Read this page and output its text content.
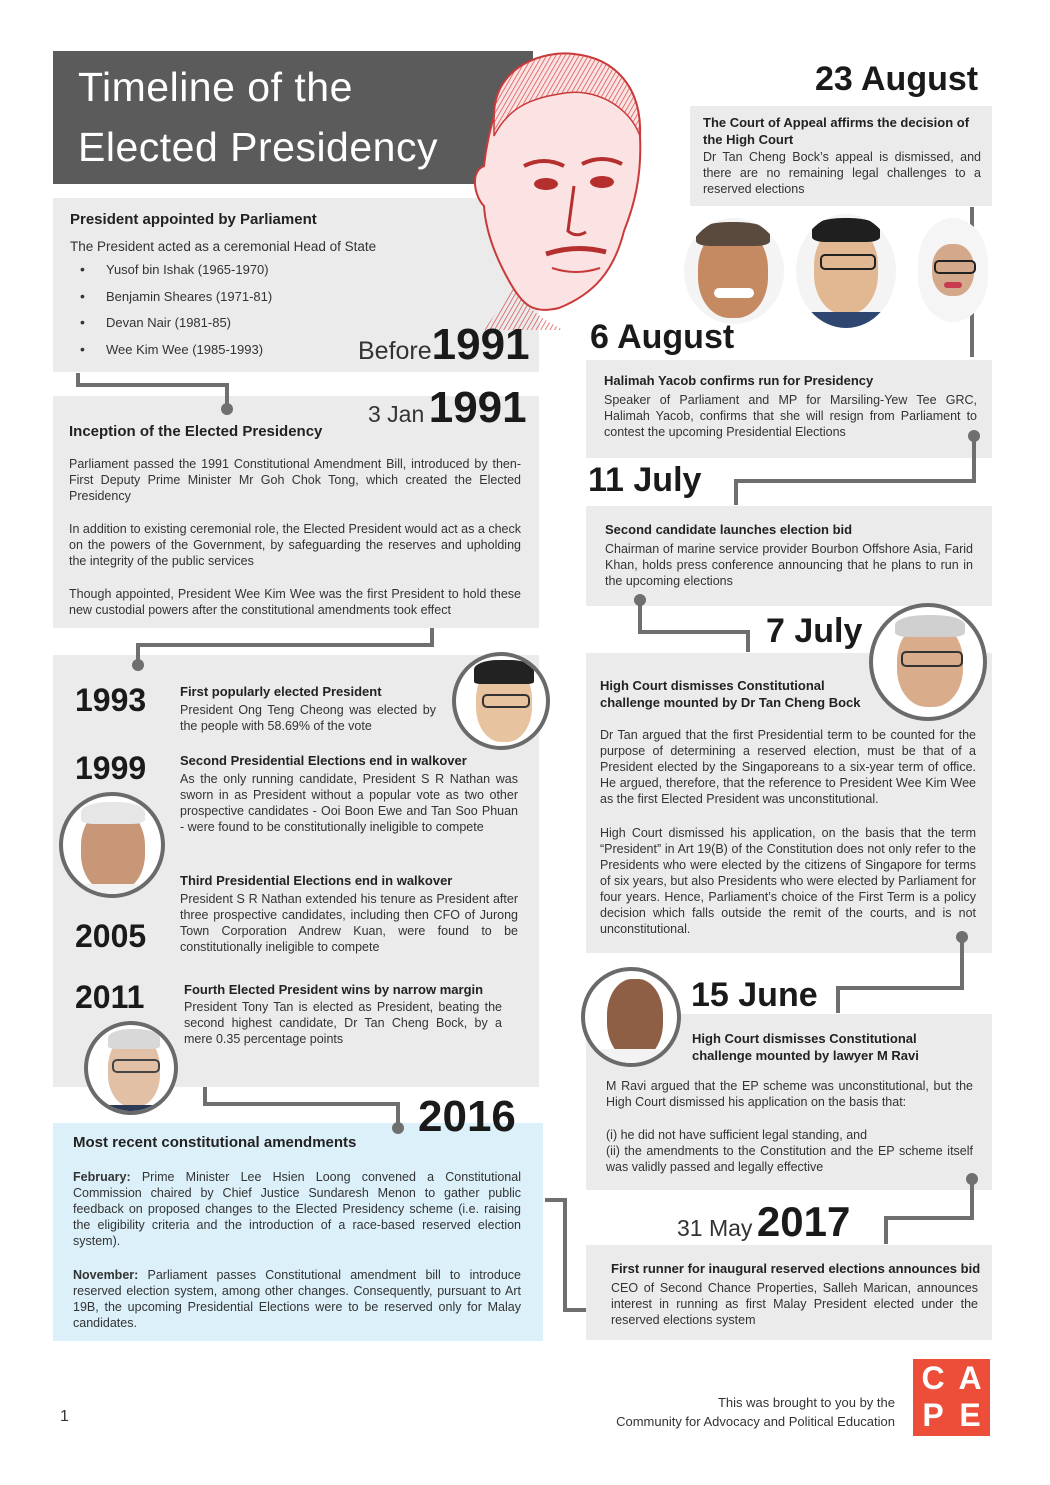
Timeline of the
Elected Presidency
President appointed by Parliament
The President acted as a ceremonial Head of State
• Yusof bin Ishak (1965-1970)
• Benjamin Sheares (1971-81)
• Devan Nair (1981-85)
• Wee Kim Wee (1985-1993)	Before1991
3 Jan 1991
Inception of the Elected Presidency
Parliament passed the 1991 Constitutional Amendment Bill, introduced by then-First Deputy Prime Minister Mr Goh Chok Tong, which created the Elected Presidency
In addition to existing ceremonial role, the Elected President would act as a check on the powers of the Government, by safeguarding the reserves and upholding the integrity of the public services
Though appointed, President Wee Kim Wee was the first President to hold these new custodial powers after the constitutional amendments took effect
1993	First popularly elected President
President Ong Teng Cheong was elected by the people with 58.69% of the vote
1999	Second Presidential Elections end in walkover
As the only running candidate, President S R Nathan was sworn in as President without a popular vote as two other prospective candidates - Ooi Boon Ewe and Tan Soo Phuan - were found to be constitutionally ineligible to compete
2005
Third Presidential Elections end in walkover
President S R Nathan extended his tenure as President after three prospective candidates, including then CFO of Jurong Town Corporation Andrew Kuan, were found to be constitutionally ineligible to compete
2011	Fourth Elected President wins by narrow margin
President Tony Tan is elected as President, beating the second highest candidate, Dr Tan Cheng Bock, by a mere 0.35 percentage points
2016
Most recent constitutional amendments
February: Prime Minister Lee Hsien Loong convened a Constitutional Commission chaired by Chief Justice Sundaresh Menon to gather public feedback on proposed changes to the Elected Presidency scheme (i.e. raising the eligibility criteria and the introduction of a race-based reserved election system).
November: Parliament passes Constitutional amendment bill to introduce reserved election system, among other changes. Consequently, pursuant to Art 19B, the upcoming Presidential Elections were to be reserved only for Malay candidates.
23 August
The Court of Appeal affirms the decision of the High Court
Dr Tan Cheng Bock’s appeal is dismissed, and there are no remaining legal challenges to a reserved elections
6 August
Halimah Yacob confirms run for Presidency
Speaker of Parliament and MP for Marsiling-Yew Tee GRC, Halimah Yacob, confirms that she will resign from Parliament to contest the upcoming Presidential Elections
11 July
Second candidate launches election bid
Chairman of marine service provider Bourbon Offshore Asia, Farid Khan, holds press conference announcing that he plans to run in the upcoming elections
7 July
High Court dismisses Constitutional
challenge mounted by Dr Tan Cheng Bock
Dr Tan argued that the first Presidential term to be counted for the purpose of determining a reserved election, must be that of a President elected by the Singaporeans to a six-year term of office. He argued, therefore, that the reference to President Wee Kim Wee as the first Elected President was unconstitutional.
High Court dismissed his application, on the basis that the term “President” in Art 19(B) of the Constitution does not only refer to the Presidents who were elected by the citizens of Singapore for terms of six years, but also Presidents who were elected by Parliament for four years. Hence, Parliament’s choice of the First Term is a policy decision which falls outside the remit of the courts, and is not unconstitutional.
15 June
High Court dismisses Constitutional
challenge mounted by lawyer M Ravi
M Ravi argued that the EP scheme was unconstitutional, but the High Court dismissed his application on the basis that:
(i) he did not have sufficient legal standing, and
(ii) the amendments to the Constitution and the EP scheme itself was validly passed and legally effective
31 May 2017
First runner for inaugural reserved elections announces bid
CEO of Second Chance Properties, Salleh Marican, announces interest in running as first Malay President elected under the reserved elections system
1
This was brought to you by the
Community for Advocacy and Political Education
C A
P E
